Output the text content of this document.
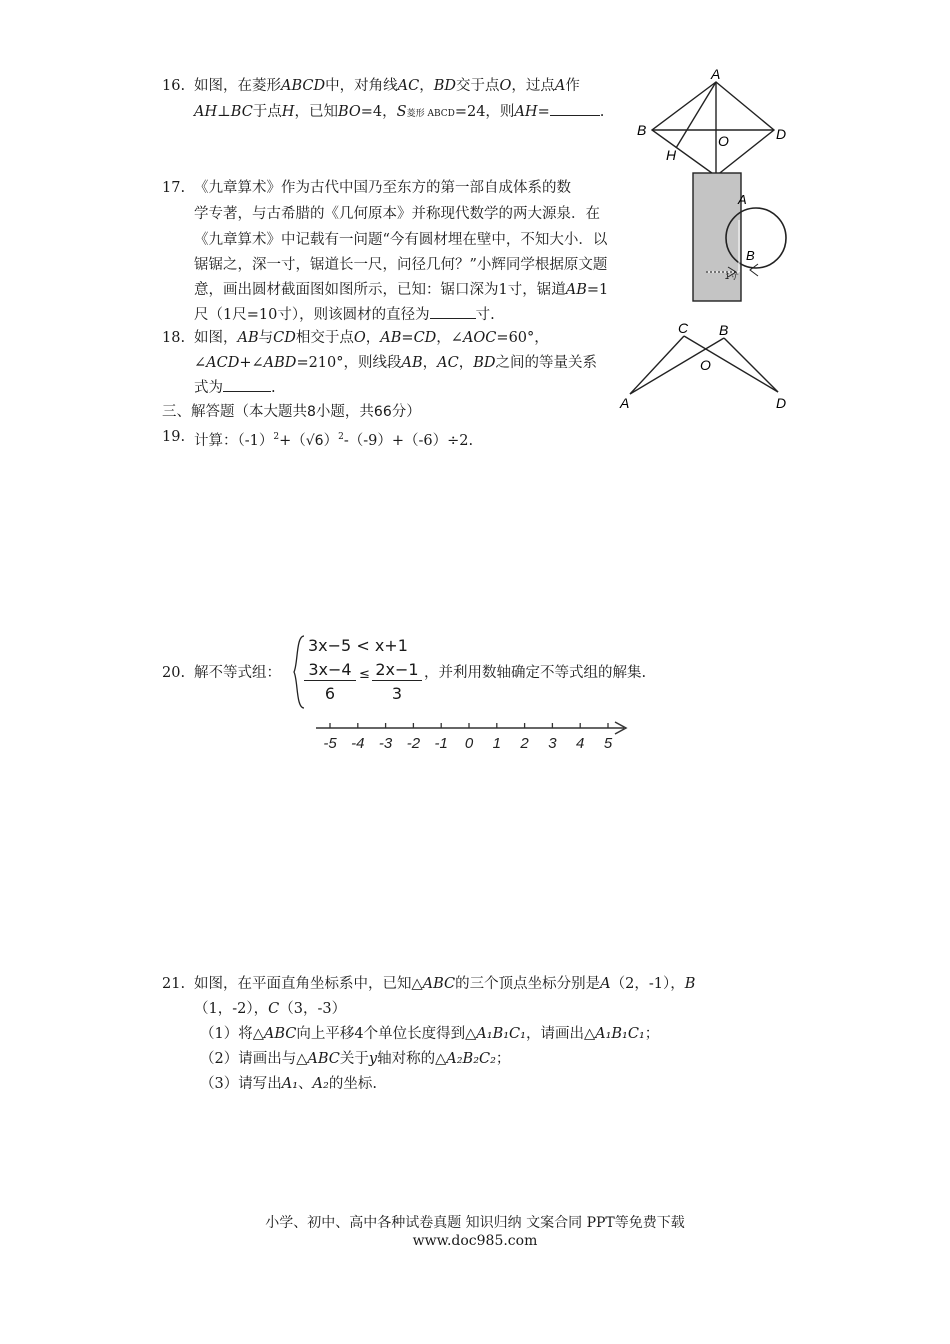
16. 如图，在菱形ABCD中，对角线AC，BD交于点O，过点A作
AH⊥BC于点H，已知BO=4，S菱形 ABCD=24，则AH=	.
A
B	D
O
H
17. 《九章算术》作为古代中国乃至东方的第一部自成体系的数
学专著，与古希腊的《几何原本》并称现代数学的两大源泉．在
《九章算术》中记载有一问题“今有圆材埋在壁中，不知大小．以
锯锯之，深一寸，锯道长一尺，问径几何？”小辉同学根据原文题
意，画出圆材截面图如图所示，已知：锯口深为1寸，锯道AB=1
尺（1尺=10寸），则该圆材的直径为	寸.
A
B
1寸
18. 如图，AB与CD相交于点O，AB=CD，∠AOC=60°，
∠ACD+∠ABD=210°，则线段AB，AC，BD之间的等量关系
式为	.
C B
O
A	D
三、解答题（本大题共8小题，共66分）
19. 计算：$(-1)^2+(√6)^2-(-9)+(-6)\div 2$.
20. 解不等式组：
3x−5 < x+1
3x−4
6
≤ 2x−1
3
，并利用数轴确定不等式组的解集.
-5 -4 -3 -2 -1 0 1 2 3 4 5
21. 如图，在平面直角坐标系中，已知△ABC的三个顶点坐标分别是A（2，-1），B
（1，-2），C（3，-3）
（1）将△ABC向上平移4个单位长度得到△A₁B₁C₁，请画出△A₁B₁C₁；
（2）请画出与△ABC关于y轴对称的△A₂B₂C₂；
（3）请写出A₁、A₂的坐标.
小学、初中、高中各种试卷真题 知识归纳 文案合同 PPT等免费下载
www.doc985.com
